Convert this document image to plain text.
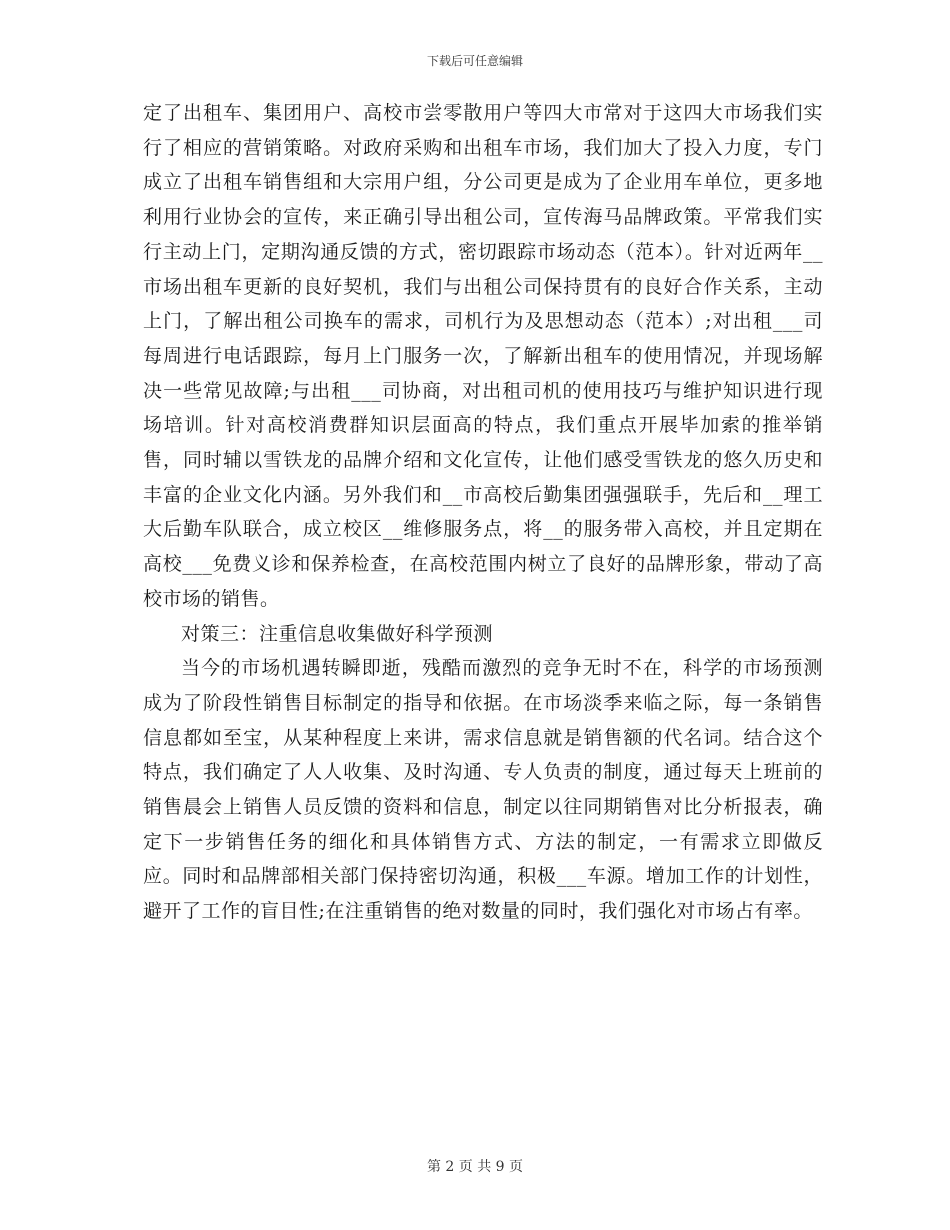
下载后可任意编辑

定了出租车、集团用户、高校市尝零散用户等四大市常对于这四大市场我们实行了相应的营销策略。对政府采购和出租车市场，我们加大了投入力度，专门成立了出租车销售组和大宗用户组，分公司更是成为了企业用车单位，更多地利用行业协会的宣传，来正确引导出租公司，宣传海马品牌政策。平常我们实行主动上门，定期沟通反馈的方式，密切跟踪市场动态（范本）。针对近两年__市场出租车更新的良好契机，我们与出租公司保持贯有的良好合作关系，主动上门，了解出租公司换车的需求，司机行为及思想动态（范本）;对出租___司每周进行电话跟踪，每月上门服务一次，了解新出租车的使用情况，并现场解决一些常见故障;与出租___司协商，对出租司机的使用技巧与维护知识进行现场培训。针对高校消费群知识层面高的特点，我们重点开展毕加索的推举销售，同时辅以雪铁龙的品牌介绍和文化宣传，让他们感受雪铁龙的悠久历史和丰富的企业文化内涵。另外我们和__市高校后勤集团强强联手，先后和__理工大后勤车队联合，成立校区__维修服务点，将__的服务带入高校，并且定期在高校___免费义诊和保养检查，在高校范围内树立了良好的品牌形象，带动了高校市场的销售。

对策三：注重信息收集做好科学预测

当今的市场机遇转瞬即逝，残酷而激烈的竞争无时不在，科学的市场预测成为了阶段性销售目标制定的指导和依据。在市场淡季来临之际，每一条销售信息都如至宝，从某种程度上来讲，需求信息就是销售额的代名词。结合这个特点，我们确定了人人收集、及时沟通、专人负责的制度，通过每天上班前的销售晨会上销售人员反馈的资料和信息，制定以往同期销售对比分析报表，确定下一步销售任务的细化和具体销售方式、方法的制定，一有需求立即做反应。同时和品牌部相关部门保持密切沟通，积极___车源。增加工作的计划性，避开了工作的盲目性;在注重销售的绝对数量的同时，我们强化对市场占有率。

第 2 页 共 9 页
